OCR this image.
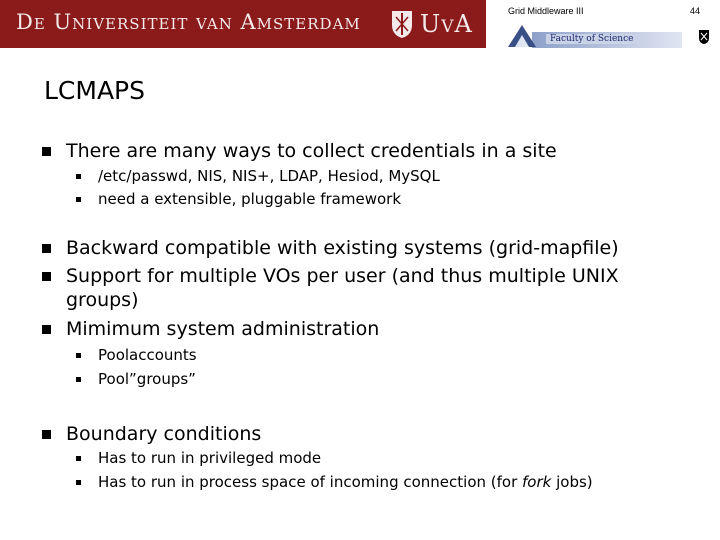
De Universiteit van Amsterdam UvA	Grid Middleware III	44
Faculty of Science
LCMAPS
There are many ways to collect credentials in a site
/etc/passwd, NIS, NIS+, LDAP, Hesiod, MySQL
need a extensible, pluggable framework
Backward compatible with existing systems (grid-mapfile)
Support for multiple VOs per user (and thus multiple UNIX
groups)
Mimimum system administration
Poolaccounts
Pool”groups”
Boundary conditions
Has to run in privileged mode
Has to run in process space of incoming connection (for fork jobs)
